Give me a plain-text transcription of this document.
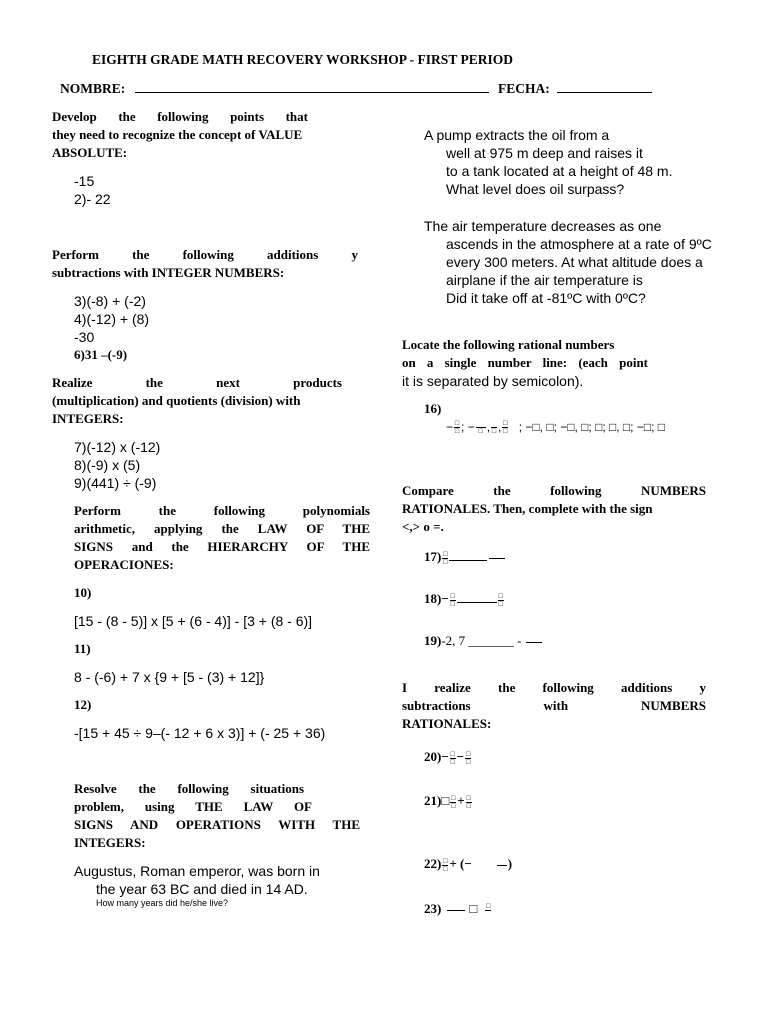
EIGHTH GRADE MATH RECOVERY WORKSHOP - FIRST PERIOD
NOMBRE:	FECHA:
Develop the following points that
they need to recognize the concept of VALUE
ABSOLUTE:
-15
2)- 22
Perform the following additions y
subtractions with INTEGER NUMBERS:
3)(-8) + (-2)
4)(-12) + (8)
-30
6)31 –(-9)
Realize the next products
(multiplication) and quotients (division) with
INTEGERS:
7)(-12) x (-12)
8)(-9) x (5)
9)(441) ÷ (-9)
Perform the following polynomials
arithmetic, applying the LAW OF THE
SIGNS and the HIERARCHY OF THE
OPERACIONES:
10)
[15 - (8 - 5)] x [5 + (6 - 4)] - [3 + (8 - 6)]
11)
8 - (-6) + 7 x {9 + [5 - (3) + 12]}
12)
-[15 + 45 ÷ 9–(- 12 + 6 x 3)] + (- 25 + 36)
Resolve the following situations
problem, using THE LAW OF
SIGNS AND OPERATIONS WITH THE
INTEGERS:
Augustus, Roman emperor, was born in
the year 63 BC and died in 14 AD.
How many years did he/she live?
A pump extracts the oil from a
well at 975 m deep and raises it
to a tank located at a height of 48 m.
What level does oil surpass?
The air temperature decreases as one
ascends in the atmosphere at a rate of 9ºC
every 300 meters. At what altitude does a
airplane if the air temperature is
Did it take off at -81ºC with 0ºC?
Locate the following rational numbers
on a single number line: (each point
it is separated by semicolon).
16)
− $\frac{□}{□}$ ; −
□ ,
□ , $\frac{□}{□}$ ; −□, □; −□, □; □; □, □; −□; □
Compare the following NUMBERS
RATIONALES. Then, complete with the sign
<,> o =.
$17) \frac{□}{□}$
$18)- \frac{□}{□}$	$\frac{□}{□}$
19)-2, 7 _______ -
I realize the following additions y
subtractions with NUMBERS
RATIONALES:
$20)- \frac{□}{□} - \frac{□}{□}$
21)□ $\frac{□}{□} + \frac{□}{□}$
$22) \frac{□}{□}$ + (−

	)
23) □ □
